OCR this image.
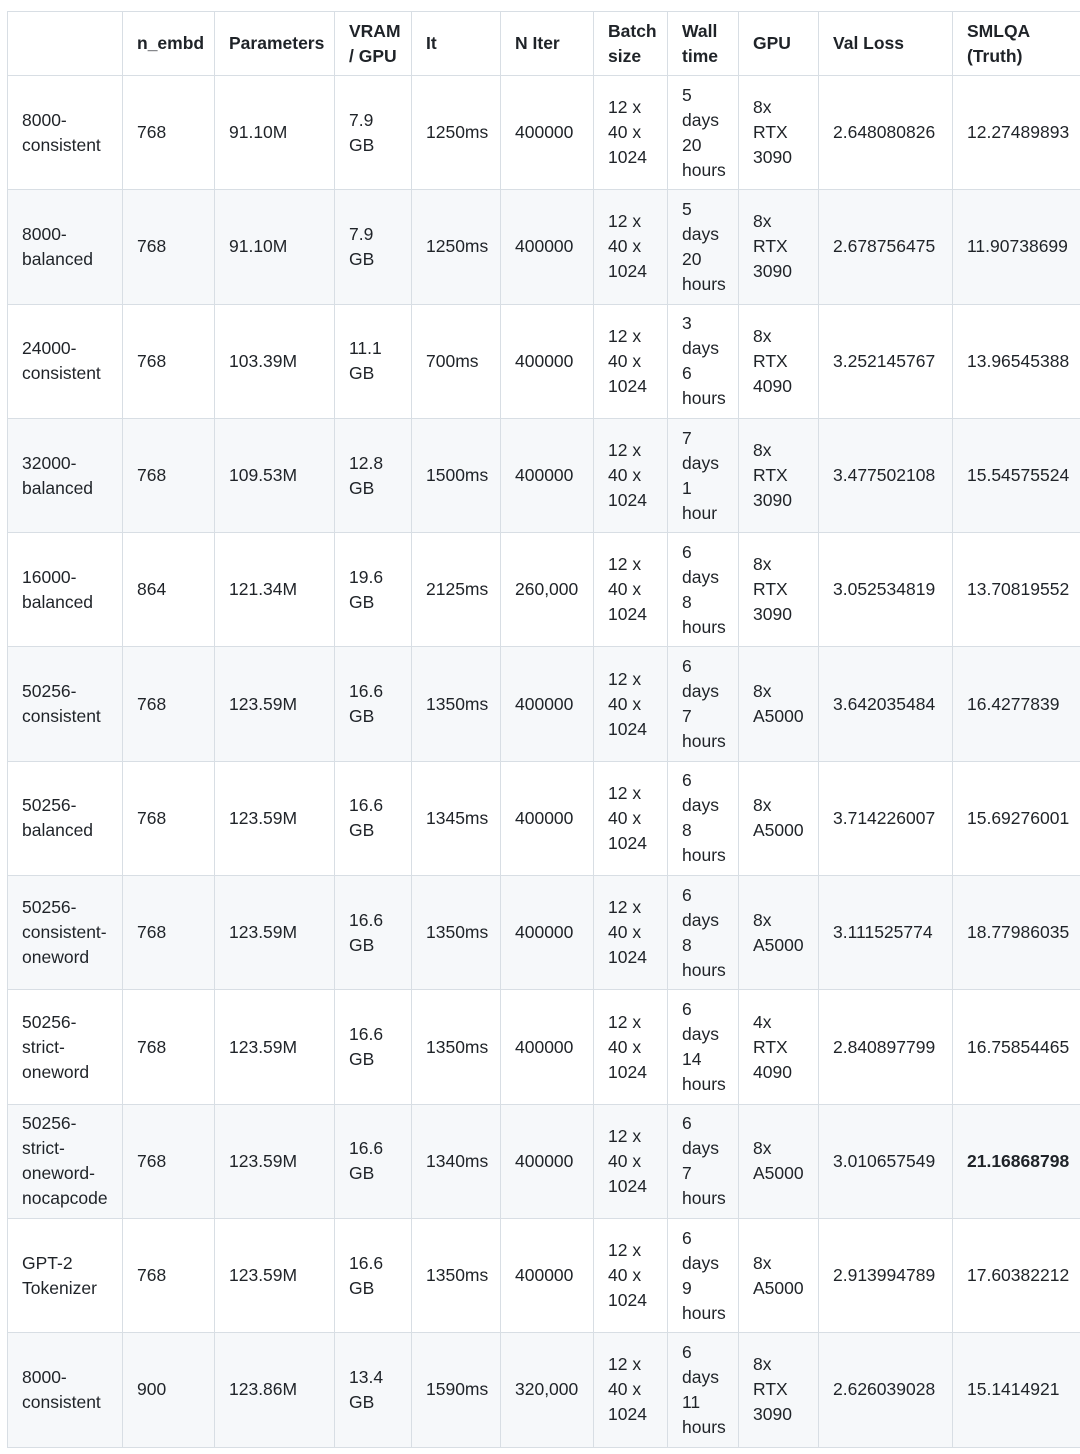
	n_embd	Parameters	VRAM / GPU	It	N Iter	Batch size	Wall time	GPU	Val Loss	SMLQA (Truth)
8000-consistent	768	91.10M	7.9 GB	1250ms	400000	12 x 40 x 1024	5 days 20 hours	8x RTX 3090	2.648080826	12.27489893
8000-balanced	768	91.10M	7.9 GB	1250ms	400000	12 x 40 x 1024	5 days 20 hours	8x RTX 3090	2.678756475	11.90738699
24000-consistent	768	103.39M	11.1 GB	700ms	400000	12 x 40 x 1024	3 days 6 hours	8x RTX 4090	3.252145767	13.96545388
32000-balanced	768	109.53M	12.8 GB	1500ms	400000	12 x 40 x 1024	7 days 1 hour	8x RTX 3090	3.477502108	15.54575524
16000-balanced	864	121.34M	19.6 GB	2125ms	260,000	12 x 40 x 1024	6 days 8 hours	8x RTX 3090	3.052534819	13.70819552
50256-consistent	768	123.59M	16.6 GB	1350ms	400000	12 x 40 x 1024	6 days 7 hours	8x A5000	3.642035484	16.4277839
50256-balanced	768	123.59M	16.6 GB	1345ms	400000	12 x 40 x 1024	6 days 8 hours	8x A5000	3.714226007	15.69276001
50256-consistent-oneword	768	123.59M	16.6 GB	1350ms	400000	12 x 40 x 1024	6 days 8 hours	8x A5000	3.111525774	18.77986035
50256-strict-oneword	768	123.59M	16.6 GB	1350ms	400000	12 x 40 x 1024	6 days 14 hours	4x RTX 4090	2.840897799	16.75854465
50256-strict-oneword-nocapcode	768	123.59M	16.6 GB	1340ms	400000	12 x 40 x 1024	6 days 7 hours	8x A5000	3.010657549	21.16868798
GPT-2 Tokenizer	768	123.59M	16.6 GB	1350ms	400000	12 x 40 x 1024	6 days 9 hours	8x A5000	2.913994789	17.60382212
8000-consistent	900	123.86M	13.4 GB	1590ms	320,000	12 x 40 x 1024	6 days 11 hours	8x RTX 3090	2.626039028	15.1414921
